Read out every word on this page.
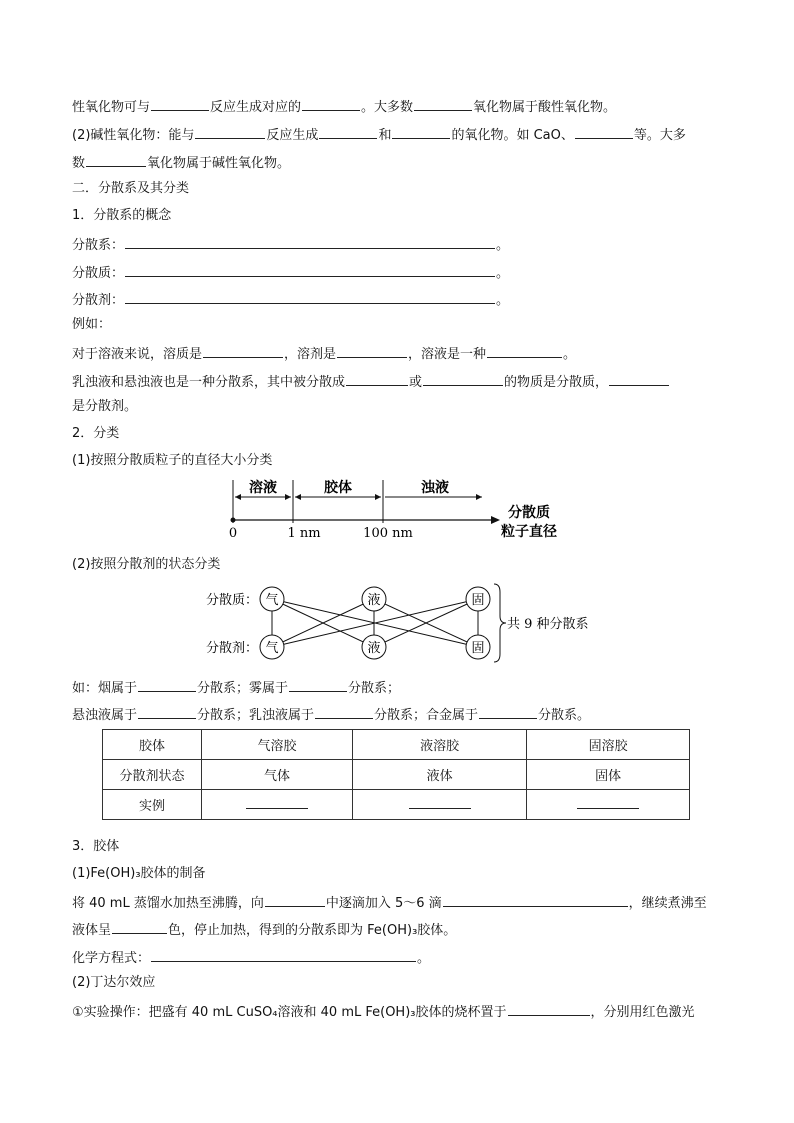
性氧化物可与	反应生成对应的	。大多数	氧化物属于酸性氧化物。
(2)碱性氧化物：能与	反应生成	和	的氧化物。如 CaO、	等。大多
数	氧化物属于碱性氧化物。
二．分散系及其分类
1．分散系的概念
分散系：	。
分散质：	。
分散剂：	。
例如：
对于溶液来说，溶质是	，溶剂是	，溶液是一种	。
乳浊液和悬浊液也是一种分散系，其中被分散成	或	的物质是分散质，
是分散剂。
2．分类
(1)按照分散质粒子的直径大小分类
溶液	胶体	浊液
0	1 nm	100 nm
分散质
粒子直径
(2)按照分散剂的状态分类
分散质：
分散剂：
气	液	固
气	液	固
共 9 种分散系
如：烟属于	分散系；雾属于	分散系；
悬浊液属于	分散系；乳浊液属于	分散系；合金属于	分散系。
胶体	气溶胶	液溶胶	固溶胶
分散剂状态	气体	液体	固体
实例			
3．胶体
(1)Fe(OH)₃胶体的制备
将 40 mL 蒸馏水加热至沸腾，向	中逐滴加入 5～6 滴	，继续煮沸至
液体呈	色，停止加热，得到的分散系即为 Fe(OH)₃胶体。
化学方程式：	。
(2)丁达尔效应
①实验操作：把盛有 40 mL CuSO₄溶液和 40 mL Fe(OH)₃胶体的烧杯置于	，分别用红色激光
